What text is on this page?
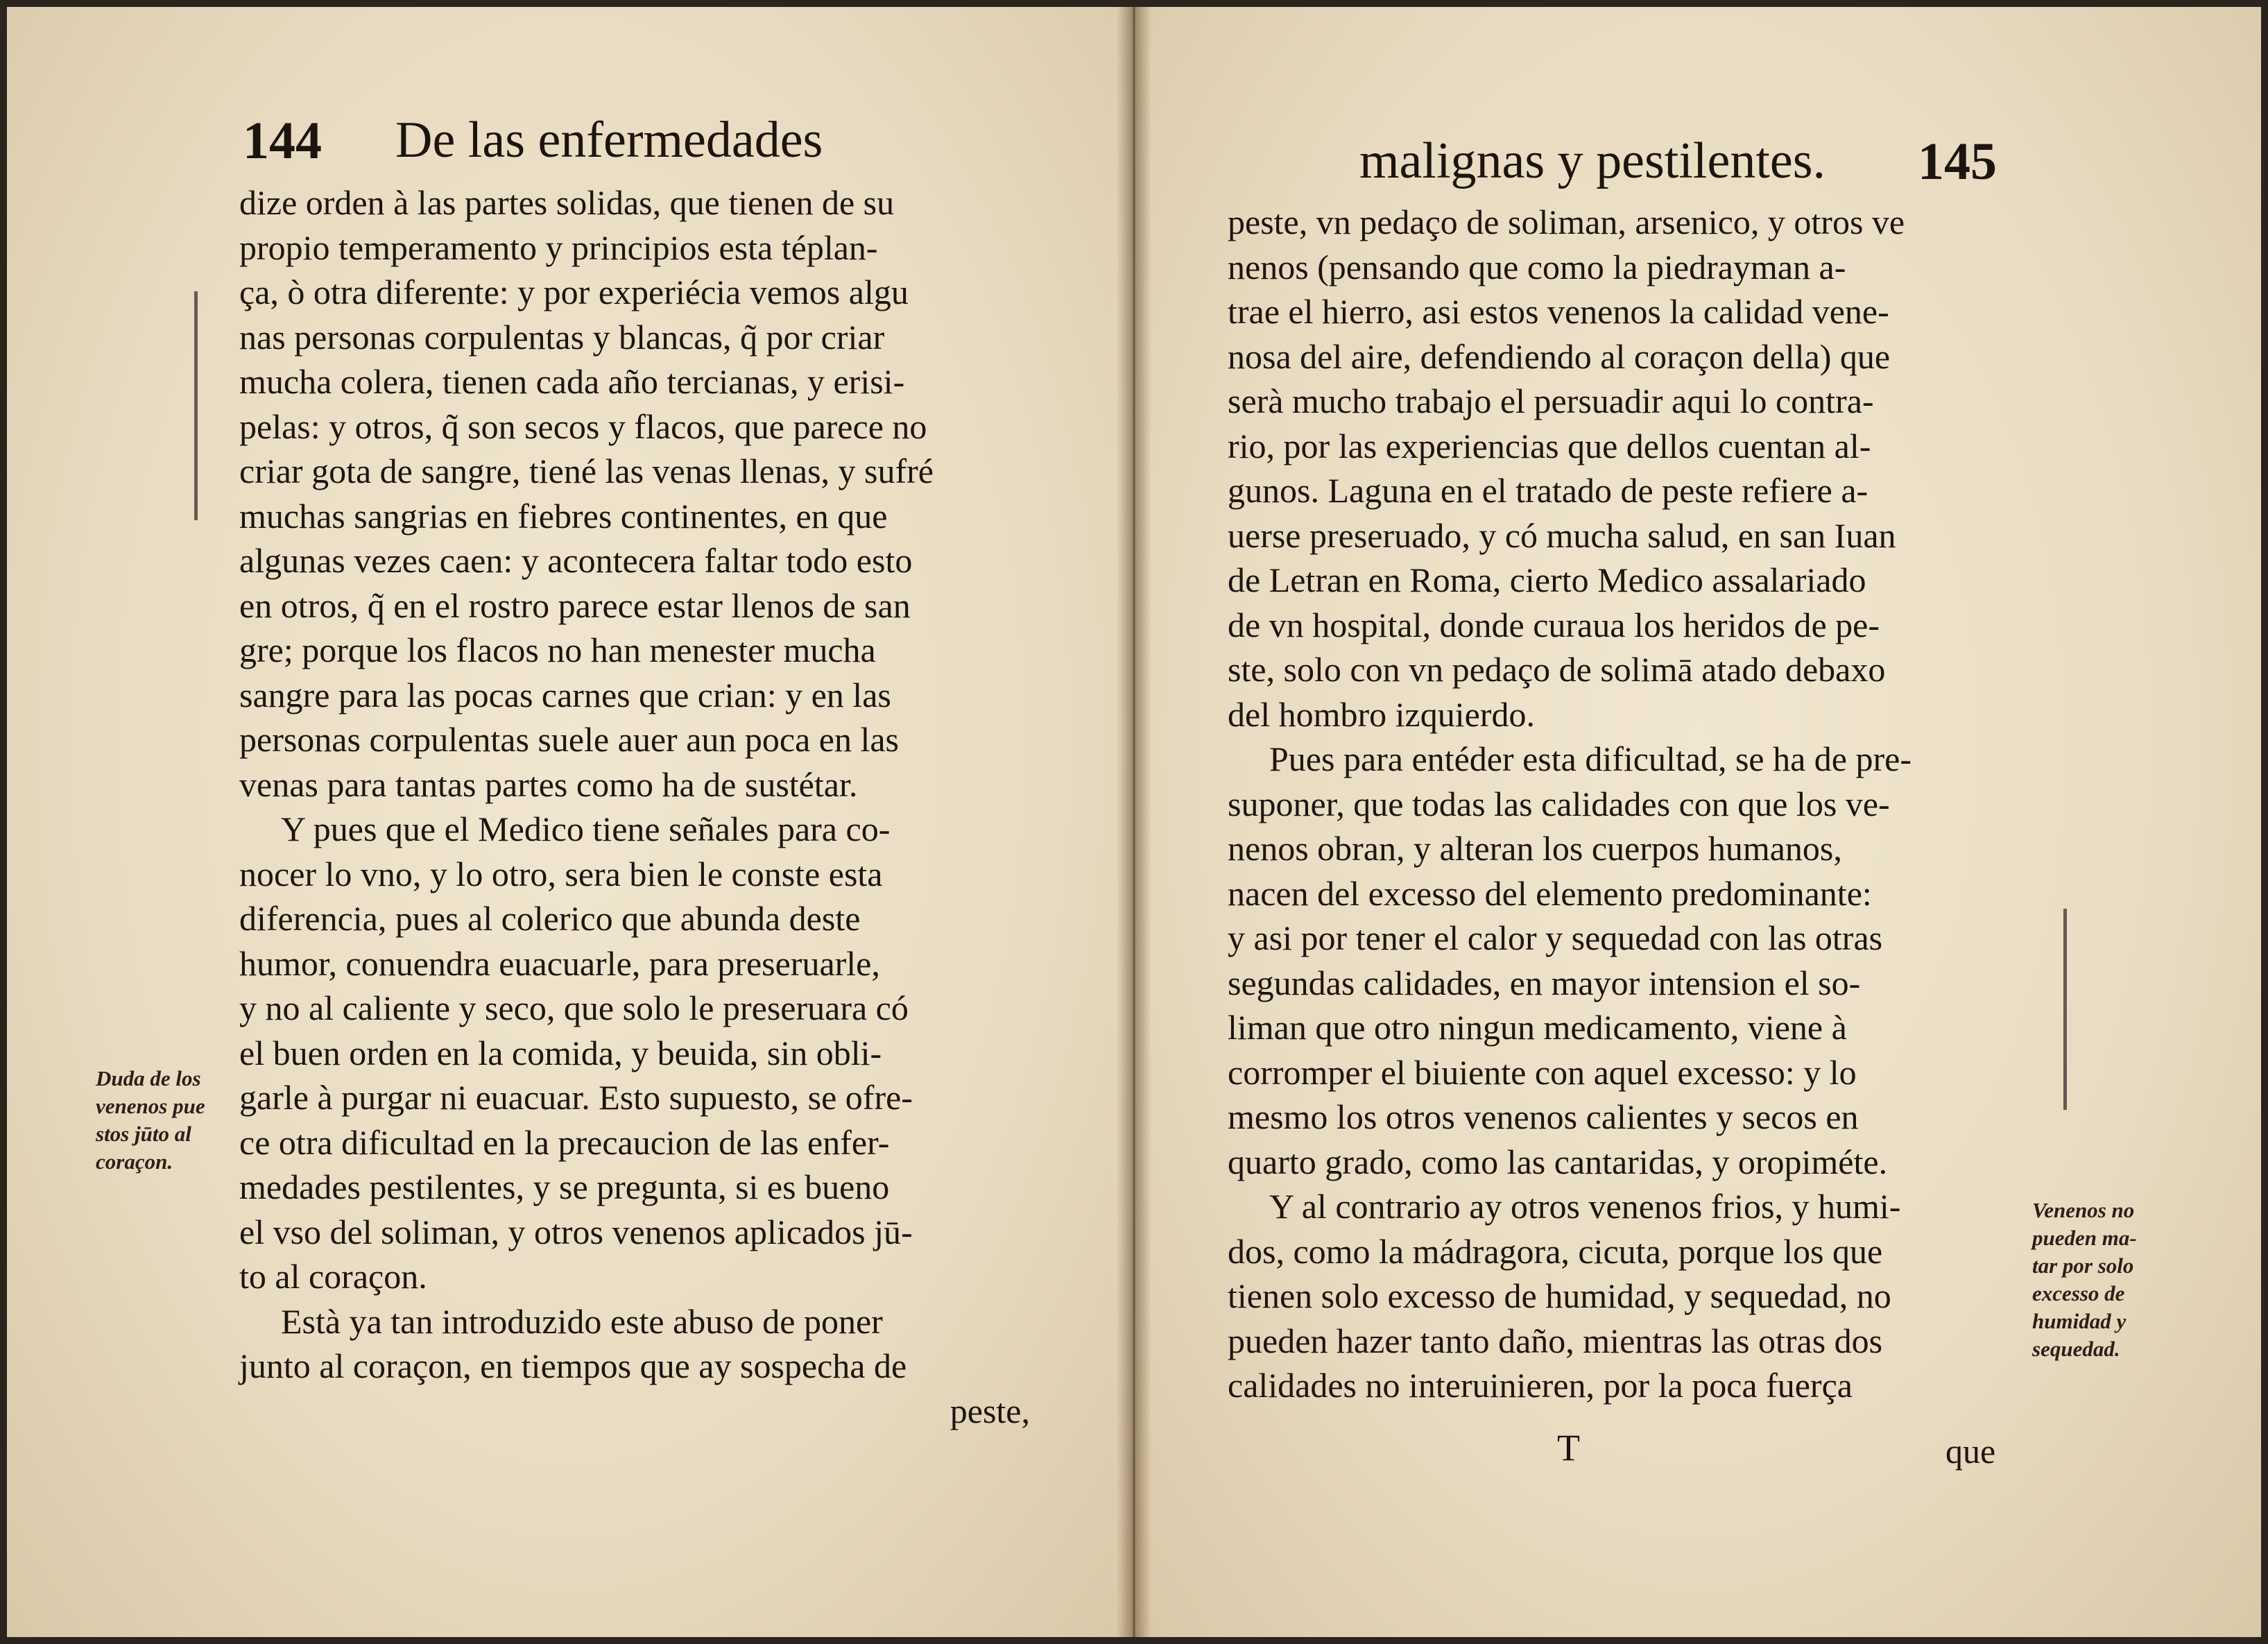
144 De las enfermedades
dize orden à las partes solidas, que tienen de su
propio temperamento y principios esta téplan-
ça, ò otra diferente: y por experiécia vemos algu
nas personas corpulentas y blancas, q̃ por criar
mucha colera, tienen cada año tercianas, y erisi-
pelas: y otros, q̃ son secos y flacos, que parece no
criar gota de sangre, tiené las venas llenas, y sufré
muchas sangrias en fiebres continentes, en que
algunas vezes caen: y acontecera faltar todo esto
en otros, q̃ en el rostro parece estar llenos de san
gre; porque los flacos no han menester mucha
sangre para las pocas carnes que crian: y en las
personas corpulentas suele auer aun poca en las
venas para tantas partes como ha de sustétar.
Y pues que el Medico tiene señales para co-
nocer lo vno, y lo otro, sera bien le conste esta
diferencia, pues al colerico que abunda deste
humor, conuendra euacuarle, para preseruarle,
y no al caliente y seco, que solo le preseruara có
el buen orden en la comida, y beuida, sin obli-
garle à purgar ni euacuar. Esto supuesto, se ofre-
ce otra dificultad en la precaucion de las enfer-
medades pestilentes, y se pregunta, si es bueno
el vso del soliman, y otros venenos aplicados jū-
to al coraçon.
Està ya tan introduzido este abuso de poner
junto al coraçon, en tiempos que ay sospecha de
peste,
Duda de los
venenos pue
stos jūto al
coraçon.
malignas y pestilentes. 145
peste, vn pedaço de soliman, arsenico, y otros ve
nenos (pensando que como la piedrayman a-
trae el hierro, asi estos venenos la calidad vene-
nosa del aire, defendiendo al coraçon della) que
serà mucho trabajo el persuadir aqui lo contra-
rio, por las experiencias que dellos cuentan al-
gunos. Laguna en el tratado de peste refiere a-
uerse preseruado, y có mucha salud, en san Iuan
de Letran en Roma, cierto Medico assalariado
de vn hospital, donde curaua los heridos de pe-
ste, solo con vn pedaço de solimā atado debaxo
del hombro izquierdo.
Pues para entéder esta dificultad, se ha de pre-
suponer, que todas las calidades con que los ve-
nenos obran, y alteran los cuerpos humanos,
nacen del excesso del elemento predominante:
y asi por tener el calor y sequedad con las otras
segundas calidades, en mayor intension el so-
liman que otro ningun medicamento, viene à
corromper el biuiente con aquel excesso: y lo
mesmo los otros venenos calientes y secos en
quarto grado, como las cantaridas, y oropiméte.
Y al contrario ay otros venenos frios, y humi-
dos, como la mádragora, cicuta, porque los que
tienen solo excesso de humidad, y sequedad, no
pueden hazer tanto daño, mientras las otras dos
calidades no interuinieren, por la poca fuerça
Venenos no
pueden ma-
tar por solo
excesso de
humidad y
sequedad.
T	que
